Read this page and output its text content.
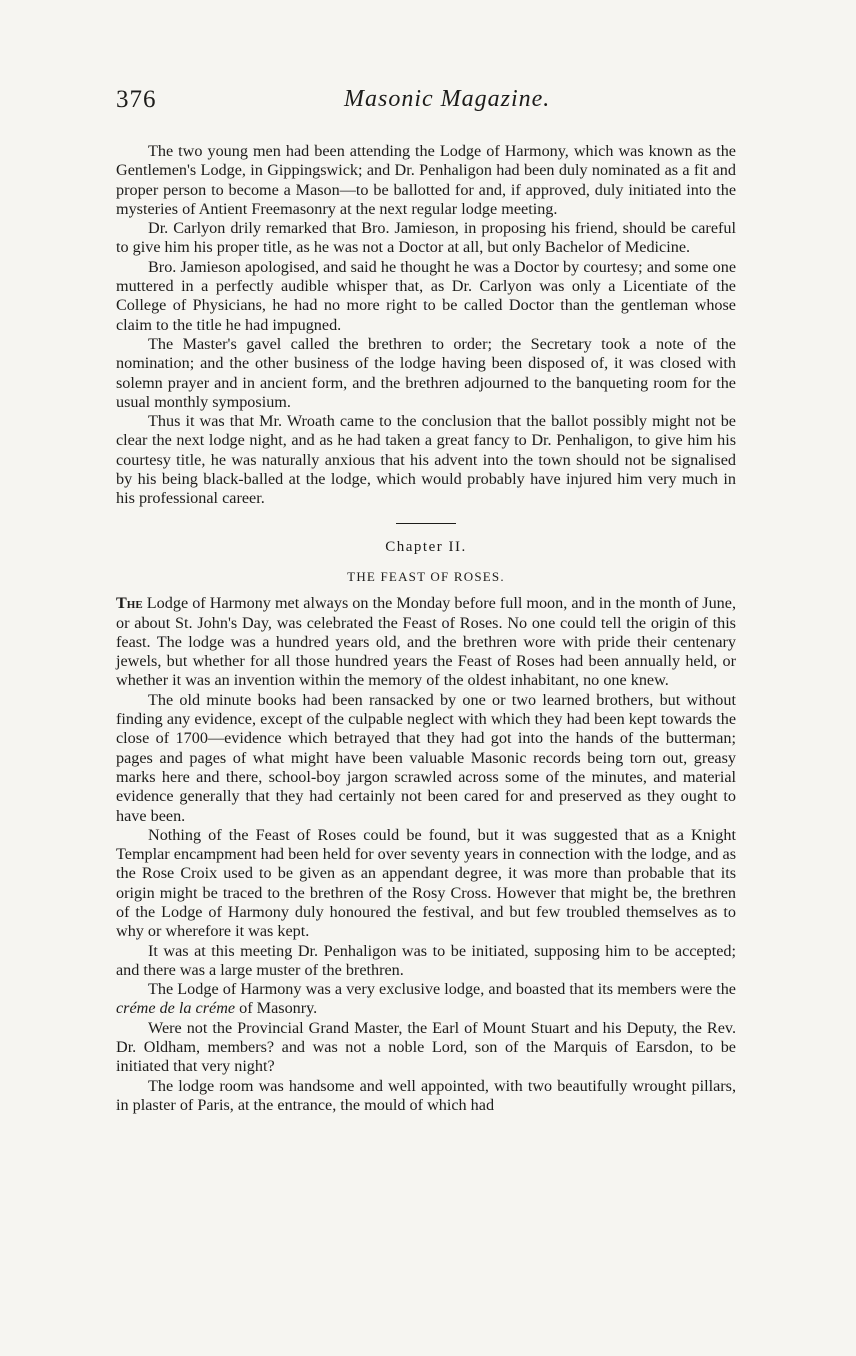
376	Masonic Magazine.

The two young men had been attending the Lodge of Harmony, which was known as the Gentlemen's Lodge, in Gippingswick; and Dr. Penhaligon had been duly nominated as a fit and proper person to become a Mason—to be ballotted for and, if approved, duly initiated into the mysteries of Antient Freemasonry at the next regular lodge meeting.

Dr. Carlyon drily remarked that Bro. Jamieson, in proposing his friend, should be careful to give him his proper title, as he was not a Doctor at all, but only Bachelor of Medicine.

Bro. Jamieson apologised, and said he thought he was a Doctor by courtesy; and some one muttered in a perfectly audible whisper that, as Dr. Carlyon was only a Licentiate of the College of Physicians, he had no more right to be called Doctor than the gentleman whose claim to the title he had impugned.

The Master's gavel called the brethren to order; the Secretary took a note of the nomination; and the other business of the lodge having been disposed of, it was closed with solemn prayer and in ancient form, and the brethren adjourned to the banqueting room for the usual monthly symposium.

Thus it was that Mr. Wroath came to the conclusion that the ballot possibly might not be clear the next lodge night, and as he had taken a great fancy to Dr. Penhaligon, to give him his courtesy title, he was naturally anxious that his advent into the town should not be signalised by his being black-balled at the lodge, which would probably have injured him very much in his professional career.

Chapter II.
THE FEAST OF ROSES.

The Lodge of Harmony met always on the Monday before full moon, and in the month of June, or about St. John's Day, was celebrated the Feast of Roses. No one could tell the origin of this feast. The lodge was a hundred years old, and the brethren wore with pride their centenary jewels, but whether for all those hundred years the Feast of Roses had been annually held, or whether it was an invention within the memory of the oldest inhabitant, no one knew.

The old minute books had been ransacked by one or two learned brothers, but without finding any evidence, except of the culpable neglect with which they had been kept towards the close of 1700—evidence which betrayed that they had got into the hands of the butterman; pages and pages of what might have been valuable Masonic records being torn out, greasy marks here and there, school-boy jargon scrawled across some of the minutes, and material evidence generally that they had certainly not been cared for and preserved as they ought to have been.

Nothing of the Feast of Roses could be found, but it was suggested that as a Knight Templar encampment had been held for over seventy years in connection with the lodge, and as the Rose Croix used to be given as an appendant degree, it was more than probable that its origin might be traced to the brethren of the Rosy Cross. However that might be, the brethren of the Lodge of Harmony duly honoured the festival, and but few troubled themselves as to why or wherefore it was kept.

It was at this meeting Dr. Penhaligon was to be initiated, supposing him to be accepted; and there was a large muster of the brethren.

The Lodge of Harmony was a very exclusive lodge, and boasted that its members were the créme de la créme of Masonry.

Were not the Provincial Grand Master, the Earl of Mount Stuart and his Deputy, the Rev. Dr. Oldham, members? and was not a noble Lord, son of the Marquis of Earsdon, to be initiated that very night?

The lodge room was handsome and well appointed, with two beautifully wrought pillars, in plaster of Paris, at the entrance, the mould of which had
